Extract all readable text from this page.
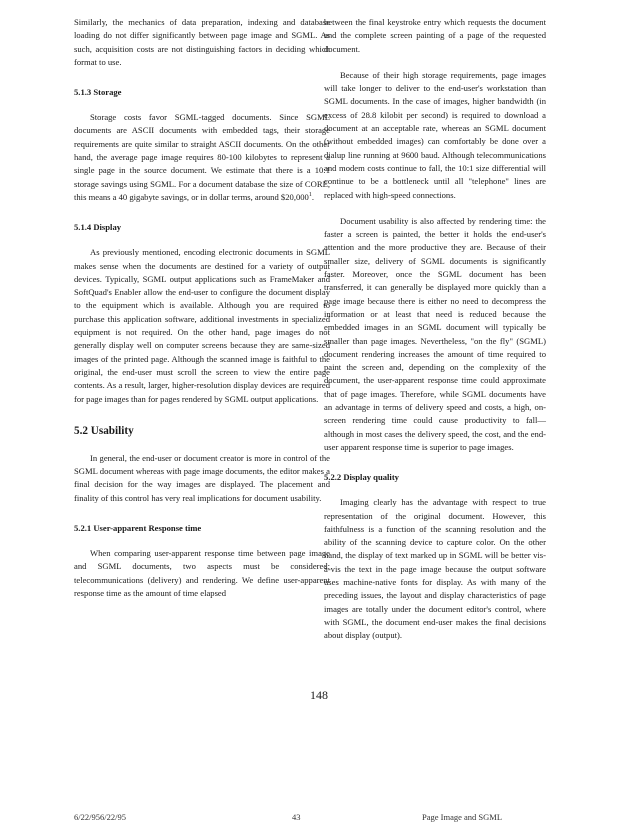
Similarly, the mechanics of data preparation, indexing and database loading do not differ significantly between page image and SGML. As such, acquisition costs are not distinguishing factors in deciding which format to use.

5.1.3 Storage

Storage costs favor SGML-tagged documents. Since SGML documents are ASCII documents with embedded tags, their storage requirements are quite similar to straight ASCII documents. On the other hand, the average page image requires 80-100 kilobytes to represent a single page in the source document. We estimate that there is a 10:1 storage savings using SGML. For a document database the size of CORE, this means a 40 gigabyte savings, or in dollar terms, around $20,000$^1$.

5.1.4 Display

As previously mentioned, encoding electronic documents in SGML makes sense when the documents are destined for a variety of output devices. Typically, SGML output applications such as FrameMaker and SoftQuad's Enabler allow the end-user to configure the document display to the equipment which is available. Although you are required to purchase this application software, additional investments in specialized equipment is not required. On the other hand, page images do not generally display well on computer screens because they are same-sized images of the printed page. Although the scanned image is faithful to the original, the end-user must scroll the screen to view the entire page contents. As a result, larger, higher-resolution display devices are required for page images than for pages rendered by SGML output applications.

5.2 Usability

In general, the end-user or document creator is more in control of the SGML document whereas with page image documents, the editor makes a final decision for the way images are displayed. The placement and finality of this control has very real implications for document usability.

5.2.1 User-apparent Response time

When comparing user-apparent response time between page image and SGML documents, two aspects must be considered: telecommunications (delivery) and rendering. We define user-apparent response time as the amount of time elapsed

between the final keystroke entry which requests the document and the complete screen painting of a page of the requested document.

Because of their high storage requirements, page images will take longer to deliver to the end-user's workstation than SGML documents. In the case of images, higher bandwidth (in excess of 28.8 kilobit per second) is required to download a document at an acceptable rate, whereas an SGML document (without embedded images) can comfortably be done over a dialup line running at 9600 baud. Although telecommunications and modem costs continue to fall, the 10:1 size differential will continue to be a bottleneck until all "telephone" lines are replaced with high-speed connections.

Document usability is also affected by rendering time: the faster a screen is painted, the better it holds the end-user's attention and the more productive they are. Because of their smaller size, delivery of SGML documents is significantly faster. Moreover, once the SGML document has been transferred, it can generally be displayed more quickly than a page image because there is either no need to decompress the information or at least that need is reduced because the embedded images in an SGML document will typically be smaller than page images. Nevertheless, "on the fly" (SGML) document rendering increases the amount of time required to paint the screen and, depending on the complexity of the document, the user-apparent response time could approximate that of page images. Therefore, while SGML documents have an advantage in terms of delivery speed and costs, a high, on-screen rendering time could cause productivity to fall—although in most cases the delivery speed, the cost, and the end-user apparent response time is superior to page images.

5.2.2 Display quality

Imaging clearly has the advantage with respect to true representation of the original document. However, this faithfulness is a function of the scanning resolution and the ability of the scanning device to capture color. On the other hand, the display of text marked up in SGML will be better vis-à-vis the text in the page image because the output software uses machine-native fonts for display. As with many of the preceding issues, the layout and display characteristics of page images are totally under the document editor's control, where with SGML, the document end-user makes the final decisions about display (output).

148
6/22/956/22/95	43	Page Image and SGML
